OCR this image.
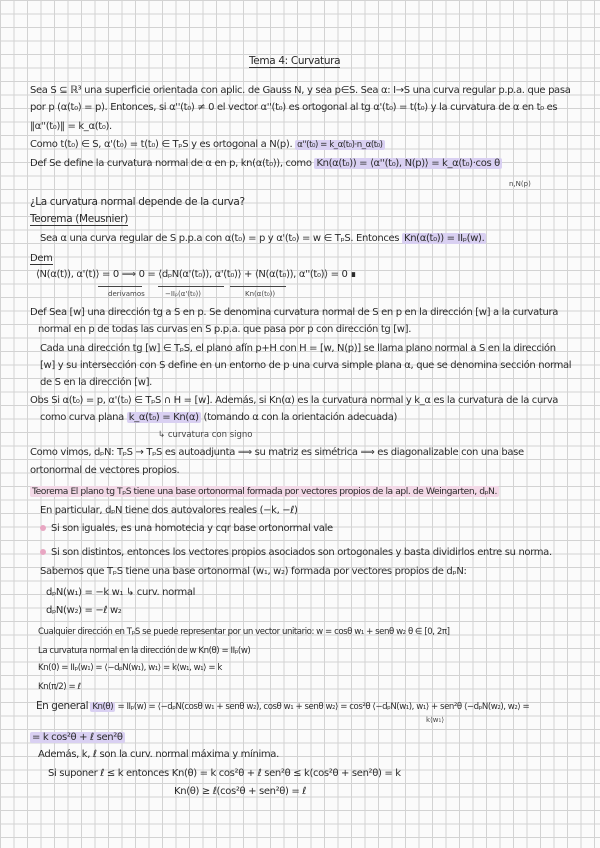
Tema 4: Curvatura
Sea S ⊆ ℝ³ una superficie orientada con aplic. de Gauss N, y sea p∈S. Sea α: I→S una curva regular p.p.a. que pasa
por p (α(t₀) = p). Entonces, si α''(t₀) ≠ 0 el vector α''(t₀) es ortogonal al tg α'(t₀) = t(t₀) y la curvatura de α en t₀ es
‖α''(t₀)‖ = k_α(t₀).
Como t(t₀) ∈ S, α'(t₀) = t(t₀) ∈ TₚS y es ortogonal a N(p). α''(t₀) = k_α(t₀)·n_α(t₀)
Def Se define la curvatura normal de α en p, kn(α(t₀)), como Kn(α(t₀)) = ⟨α''(t₀), N(p)⟩ = k_α(t₀)·cos θ
n,N(p)
¿La curvatura normal depende de la curva?
Teorema (Meusnier)
Sea α una curva regular de S p.p.a con α(t₀) = p y α'(t₀) = w ∈ TₚS. Entonces Kn(α(t₀)) = IIₚ(w).
Dem
⟨N(α(t)), α'(t)⟩ = 0 ⟹ 0 = ⟨dₚN(α'(t₀)), α'(t₀)⟩ + ⟨N(α(t₀)), α''(t₀)⟩ = 0 ∎
derivamos	−IIₚ(α'(t₀))	Kn(α(t₀))
Def Sea [w] una dirección tg a S en p. Se denomina curvatura normal de S en p en la dirección [w] a la curvatura
normal en p de todas las curvas en S p.p.a. que pasa por p con dirección tg [w].
Cada una dirección tg [w] ∈ TₚS, el plano afín p+H con H = [w, N(p)] se llama plano normal a S en la dirección
[w] y su intersección con S define en un entorno de p una curva simple plana α, que se denomina sección normal
de S en la dirección [w].
Obs Si α(t₀) = p, α'(t₀) ∈ TₚS ∩ H = [w]. Además, si Kn(α) es la curvatura normal y k_α es la curvatura de la curva
como curva plana k_α(t₀) = Kn(α) (tomando α con la orientación adecuada)
↳ curvatura con signo
Como vimos, dₚN: TₚS → TₚS es autoadjunta ⟹ su matriz es simétrica ⟹ es diagonalizable con una base
ortonormal de vectores propios.
Teorema El plano tg TₚS tiene una base ortonormal formada por vectores propios de la apl. de Weingarten, dₚN.
En particular, dₚN tiene dos autovalores reales (−k, −ℓ)
Si son iguales, es una homotecia y cqr base ortonormal vale
Si son distintos, entonces los vectores propios asociados son ortogonales y basta dividirlos entre su norma.
Sabemos que TₚS tiene una base ortonormal (w₁, w₂) formada por vectores propios de dₚN:
dₚN(w₁) = −k w₁ ↳ curv. normal
dₚN(w₂) = −ℓ w₂
Cualquier dirección en TₚS se puede representar por un vector unitario: w = cosθ w₁ + senθ w₂ θ ∈ [0, 2π]
La curvatura normal en la dirección de w Kn(θ) = IIₚ(w)
Kn(0) = IIₚ(w₁) = ⟨−dₚN(w₁), w₁⟩ = k⟨w₁, w₁⟩ = k
Kn(π/2) = ℓ
En general Kn(θ) = IIₚ(w) = ⟨−dₚN(cosθ w₁ + senθ w₂), cosθ w₁ + senθ w₂⟩ = cos²θ ⟨−dₚN(w₁), w₁⟩ + sen²θ ⟨−dₚN(w₂), w₂⟩ =
k⟨w₁⟩
= k cos²θ + ℓ sen²θ
Además, k, ℓ son la curv. normal máxima y mínima.
Si suponer ℓ ≤ k entonces Kn(θ) = k cos²θ + ℓ sen²θ ≤ k(cos²θ + sen²θ) = k
Kn(θ) ≥ ℓ(cos²θ + sen²θ) = ℓ
